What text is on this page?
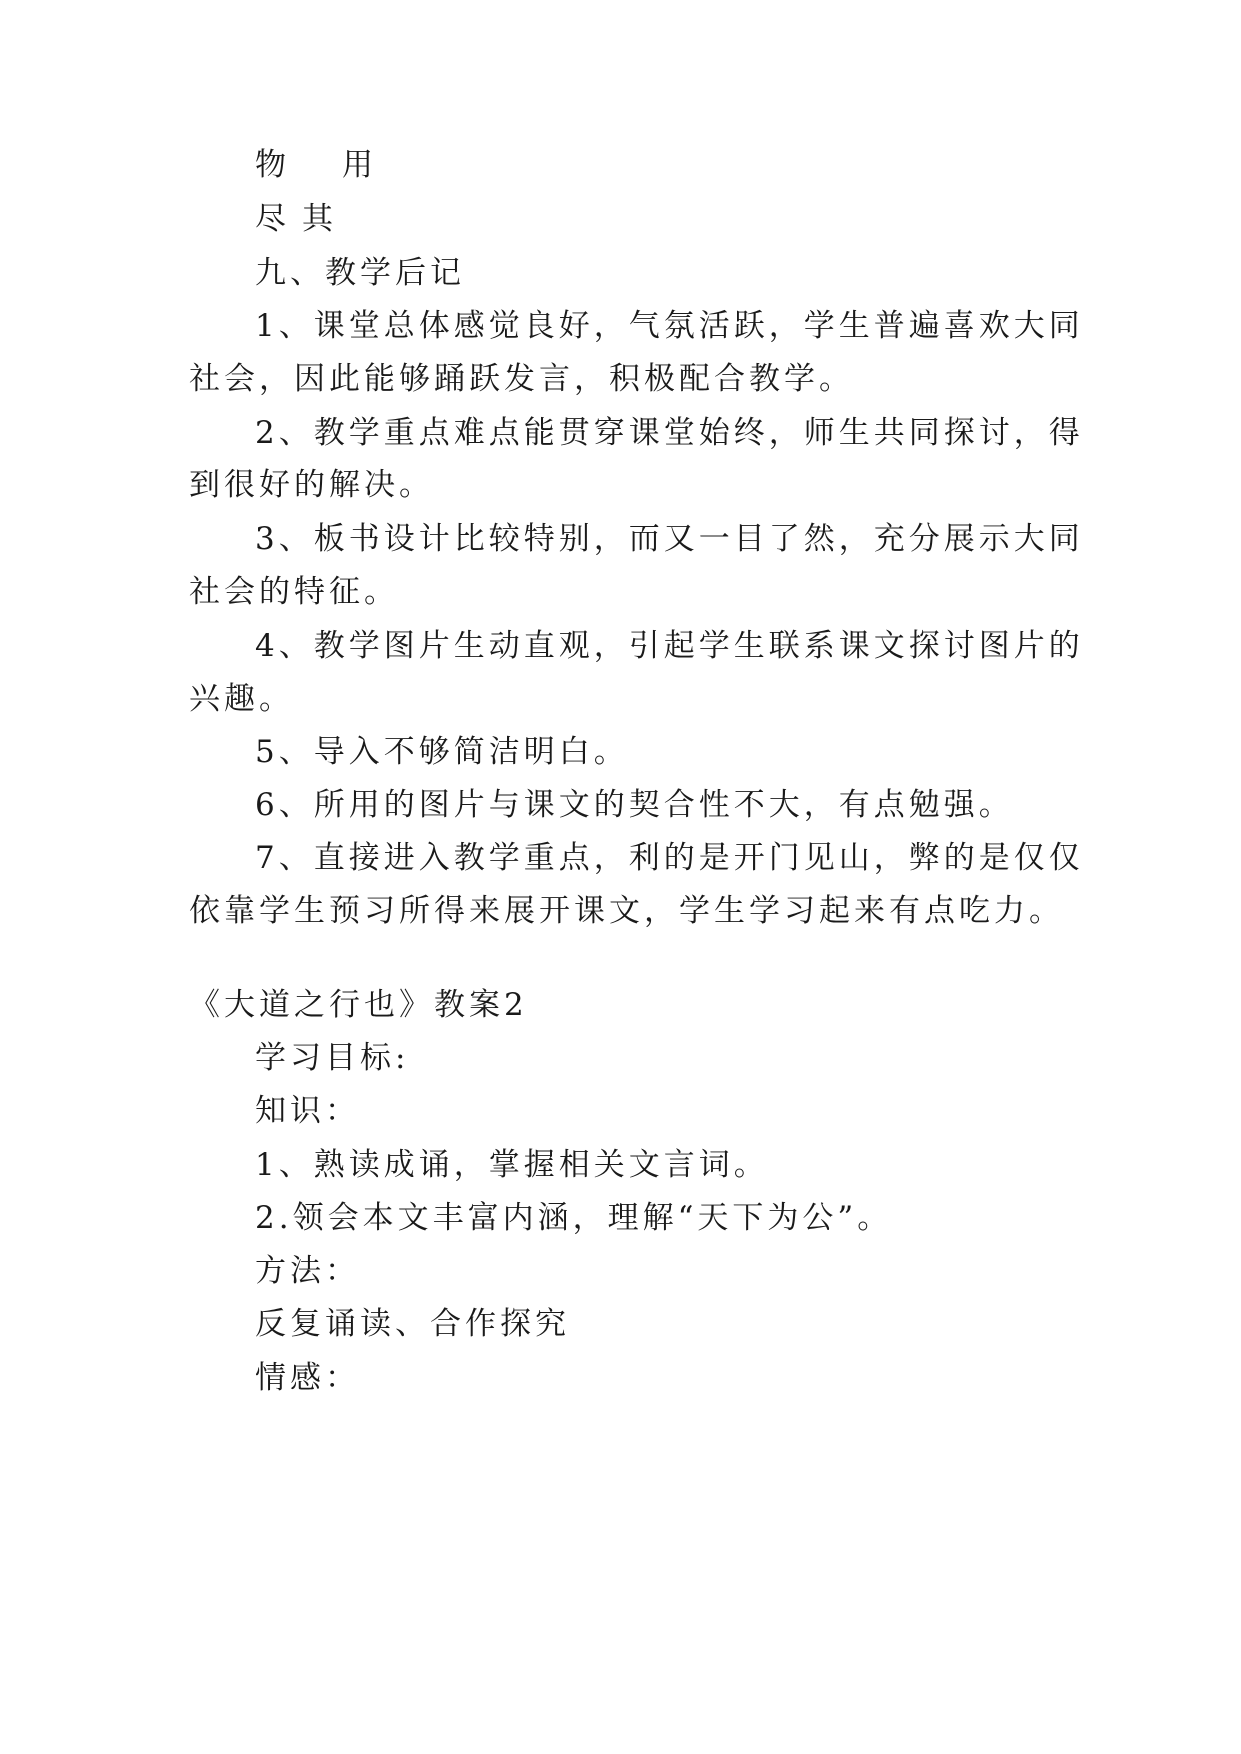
物 用
尽 其
九、教学后记
1、课堂总体感觉良好，气氛活跃，学生普遍喜欢大同
社会，因此能够踊跃发言，积极配合教学。
2、教学重点难点能贯穿课堂始终，师生共同探讨，得
到很好的解决。
3、板书设计比较特别，而又一目了然，充分展示大同
社会的特征。
4、教学图片生动直观，引起学生联系课文探讨图片的
兴趣。
5、导入不够简洁明白。
6、所用的图片与课文的契合性不大，有点勉强。
7、直接进入教学重点，利的是开门见山，弊的是仅仅
依靠学生预习所得来展开课文，学生学习起来有点吃力。
《大道之行也》教案2
学习目标:
知识：
1、熟读成诵，掌握相关文言词。
2.领会本文丰富内涵，理解“天下为公”。
方法：
反复诵读、合作探究
情感：
